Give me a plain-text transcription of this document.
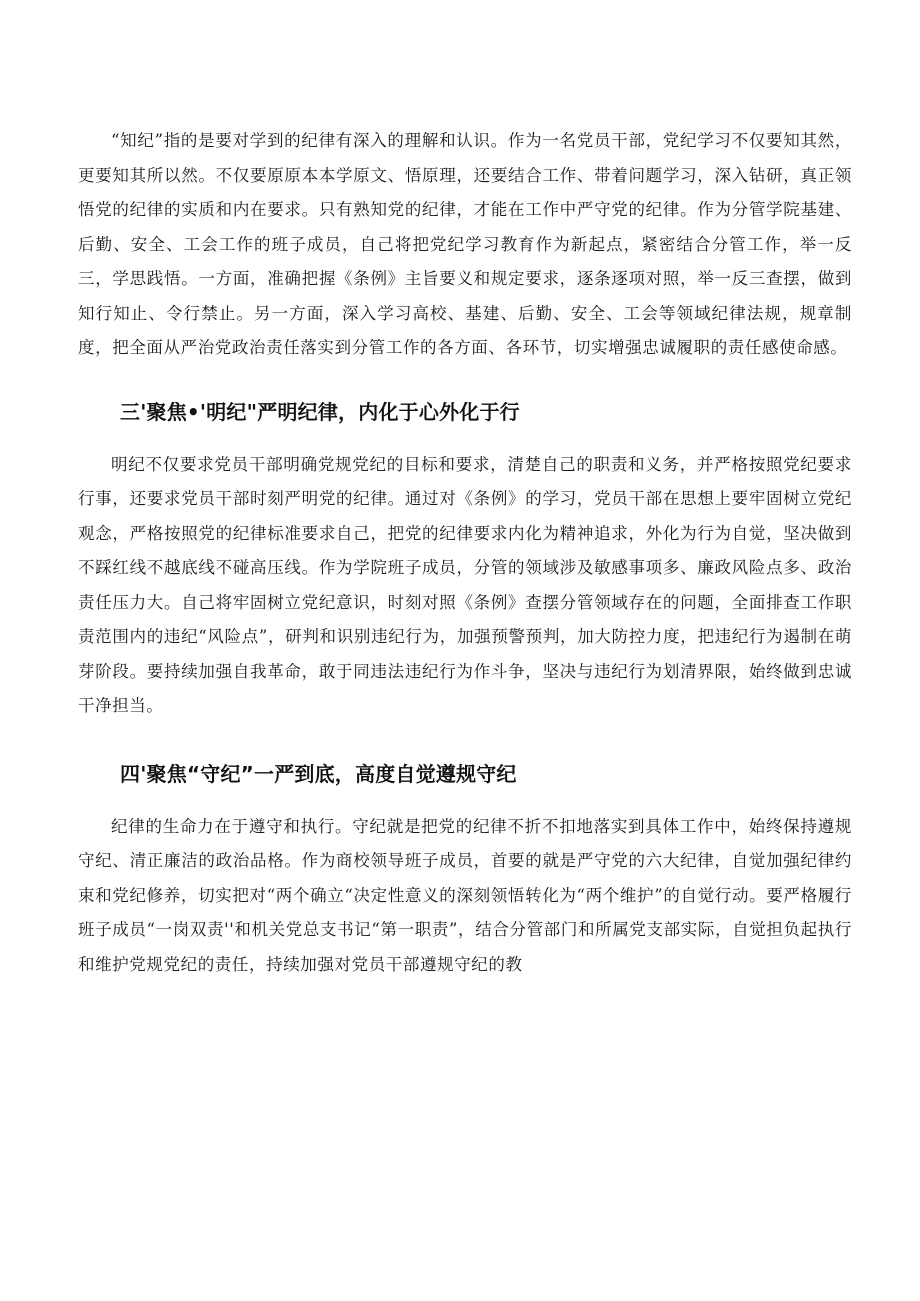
“知纪”指的是要对学到的纪律有深入的理解和认识。作为一名党员干部，党纪学习不仅要知其然，更要知其所以然。不仅要原原本本学原文、悟原理，还要结合工作、带着问题学习，深入钻研，真正领悟党的纪律的实质和内在要求。只有熟知党的纪律，才能在工作中严守党的纪律。作为分管学院基建、后勤、安全、工会工作的班子成员，自己将把党纪学习教育作为新起点，紧密结合分管工作，举一反三，学思践悟。一方面，准确把握《条例》主旨要义和规定要求，逐条逐项对照，举一反三查摆，做到知行知止、令行禁止。另一方面，深入学习高校、基建、后勤、安全、工会等领域纪律法规，规章制度，把全面从严治党政治责任落实到分管工作的各方面、各环节，切实增强忠诚履职的责任感使命感。

三'聚焦•'明纪"严明纪律，内化于心外化于行

明纪不仅要求党员干部明确党规党纪的目标和要求，清楚自己的职责和义务，并严格按照党纪要求行事，还要求党员干部时刻严明党的纪律。通过对《条例》的学习，党员干部在思想上要牢固树立党纪观念，严格按照党的纪律标准要求自己，把党的纪律要求内化为精神追求，外化为行为自觉，坚决做到不踩红线不越底线不碰高压线。作为学院班子成员，分管的领域涉及敏感事项多、廉政风险点多、政治责任压力大。自己将牢固树立党纪意识，时刻对照《条例》查摆分管领域存在的问题，全面排查工作职责范围内的违纪“风险点”，研判和识别违纪行为，加强预警预判，加大防控力度，把违纪行为遏制在萌芽阶段。要持续加强自我革命，敢于同违法违纪行为作斗争，坚决与违纪行为划清界限，始终做到忠诚干净担当。

四'聚焦“守纪”一严到底，高度自觉遵规守纪

纪律的生命力在于遵守和执行。守纪就是把党的纪律不折不扣地落实到具体工作中，始终保持遵规守纪、清正廉洁的政治品格。作为商校领导班子成员，首要的就是严守党的六大纪律，自觉加强纪律约束和党纪修养，切实把对“两个确立“决定性意义的深刻领悟转化为“两个维护”的自觉行动。要严格履行班子成员“一岗双责''和机关党总支书记“第一职责”，结合分管部门和所属党支部实际，自觉担负起执行和维护党规党纪的责任，持续加强对党员干部遵规守纪的教
